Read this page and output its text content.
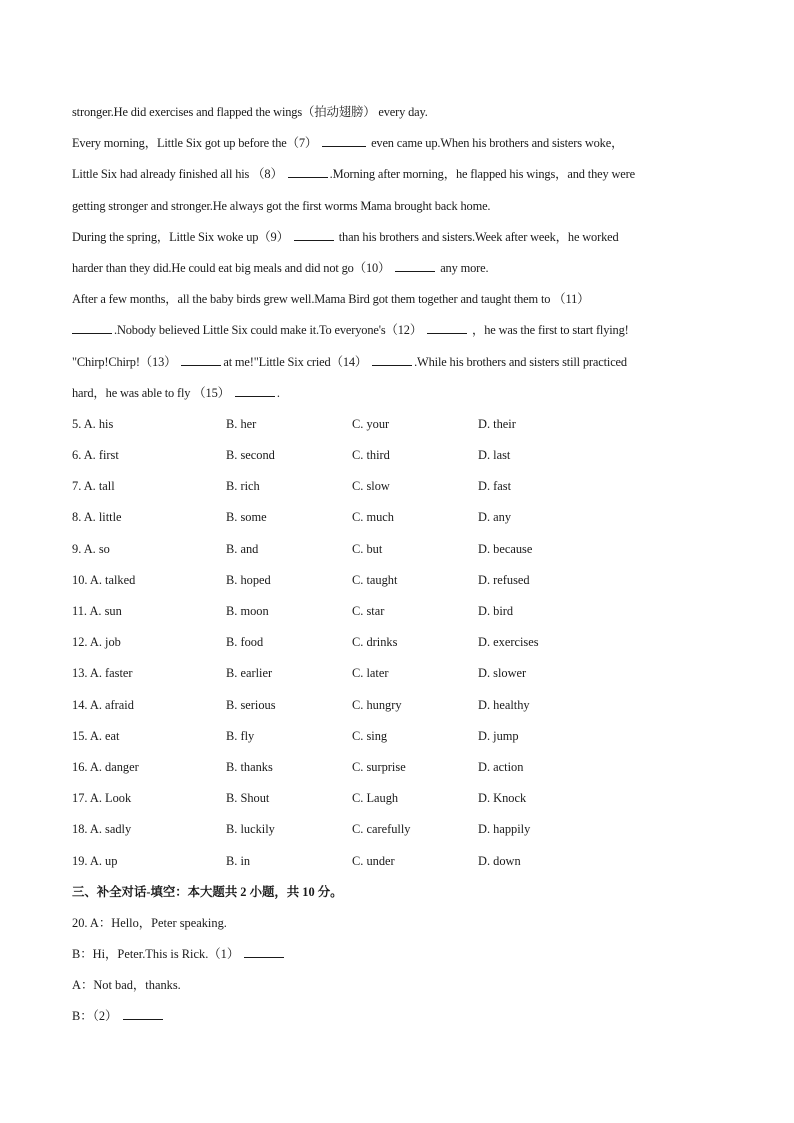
stronger.He did exercises and flapped the wings（拍动翅膀） every day.
Every morning，Little Six got up before the（7）	even came up.When his brothers and sisters woke，
Little Six had already finished all his （8）	.Morning after morning，he flapped his wings，and they were
getting stronger and stronger.He always got the first worms Mama brought back home.
During the spring，Little Six woke up（9）	than his brothers and sisters.Week after week，he worked
harder than they did.He could eat big meals and did not go（10）	any more.
After a few months，all the baby birds grew well.Mama Bird got them together and taught them to （11）
.Nobody believed Little Six could make it.To everyone's（12）	，he was the first to start flying!
"Chirp!Chirp!（13）	at me!"Little Six cried（14）	.While his brothers and sisters still practiced
hard，he was able to fly （15）	.
5. A. his	B. her	C. your	D. their
6. A. first	B. second	C. third	D. last
7. A. tall	B. rich	C. slow	D. fast
8. A. little	B. some	C. much	D. any
9. A. so	B. and	C. but	D. because
10. A. talked	B. hoped	C. taught	D. refused
11. A. sun	B. moon	C. star	D. bird
12. A. job	B. food	C. drinks	D. exercises
13. A. faster	B. earlier	C. later	D. slower
14. A. afraid	B. serious	C. hungry	D. healthy
15. A. eat	B. fly	C. sing	D. jump
16. A. danger	B. thanks	C. surprise	D. action
17. A. Look	B. Shout	C. Laugh	D. Knock
18. A. sadly	B. luckily	C. carefully	D. happily
19. A. up	B. in	C. under	D. down
三、补全对话-填空：本大题共 2 小题，共 10 分。
20. A：Hello，Peter speaking.
B：Hi，Peter.This is Rick.（1）
A：Not bad，thanks.
B：（2）
